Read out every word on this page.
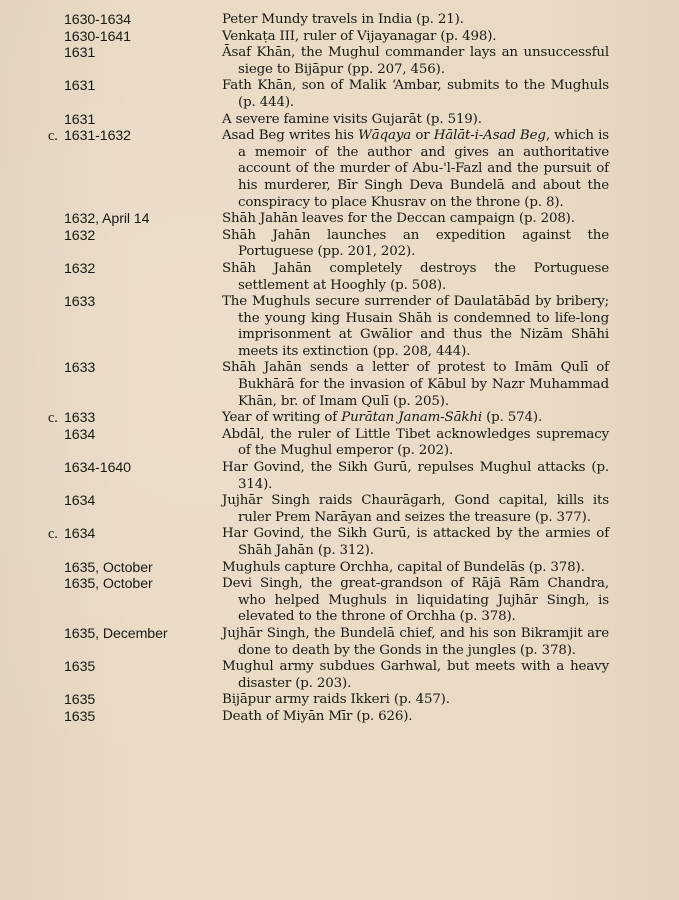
1630-1634	Peter Mundy travels in India (p. 21).
1630-1641	Venkaṭa III, ruler of Vijayanagar (p. 498).
1631	Āsaf Khān, the Mughul commander lays an unsuccessful siege to Bijāpur (pp. 207, 456).
1631	Fath Khān, son of Malik ‘Ambar, submits to the Mughuls (p. 444).
1631	A severe famine visits Gujarāt (p. 519).
c. 1631-1632	Asad Beg writes his Wāqaya or Hālāt-i-Asad Beg, which is a memoir of the author and gives an authoritative account of the murder of Abu-'l-Fazl and the pursuit of his murderer, Bīr Singh Deva Bundelā and about the conspiracy to place Khusrav on the throne (p. 8).
1632, April 14	Shāh Jahān leaves for the Deccan campaign (p. 208).
1632	Shāh Jahān launches an expedition against the Portuguese (pp. 201, 202).
1632	Shāh Jahān completely destroys the Portuguese settlement at Hooghly (p. 508).
1633	The Mughuls secure surrender of Daulatābād by bribery; the young king Husain Shāh is condemned to life-long imprisonment at Gwālior and thus the Nizām Shāhi meets its extinction (pp. 208, 444).
1633	Shāh Jahān sends a letter of protest to Imām Qulī of Bukhārā for the invasion of Kābul by Nazr Muhammad Khān, br. of Imam Qulī (p. 205).
c. 1633	Year of writing of Purātan Janam-Sākhi (p. 574).
1634	Abdāl, the ruler of Little Tibet acknowledges supremacy of the Mughul emperor (p. 202).
1634-1640	Har Govind, the Sikh Gurū, repulses Mughul attacks (p. 314).
1634	Jujhār Singh raids Chaurāgarh, Gond capital, kills its ruler Prem Narāyan and seizes the treasure (p. 377).
c. 1634	Har Govind, the Sikh Gurū, is attacked by the armies of Shāh Jahān (p. 312).
1635, October	Mughuls capture Orchha, capital of Bundelās (p. 378).
1635, October	Devi Singh, the great-grandson of Rājā Rām Chandra, who helped Mughuls in liquidating Jujhār Singh, is elevated to the throne of Orchha (p. 378).
1635, December	Jujhār Singh, the Bundelā chief, and his son Bikramjit are done to death by the Gonds in the jungles (p. 378).
1635	Mughul army subdues Garhwal, but meets with a heavy disaster (p. 203).
1635	Bijāpur army raids Ikkeri (p. 457).
1635	Death of Miyān Mīr (p. 626).
